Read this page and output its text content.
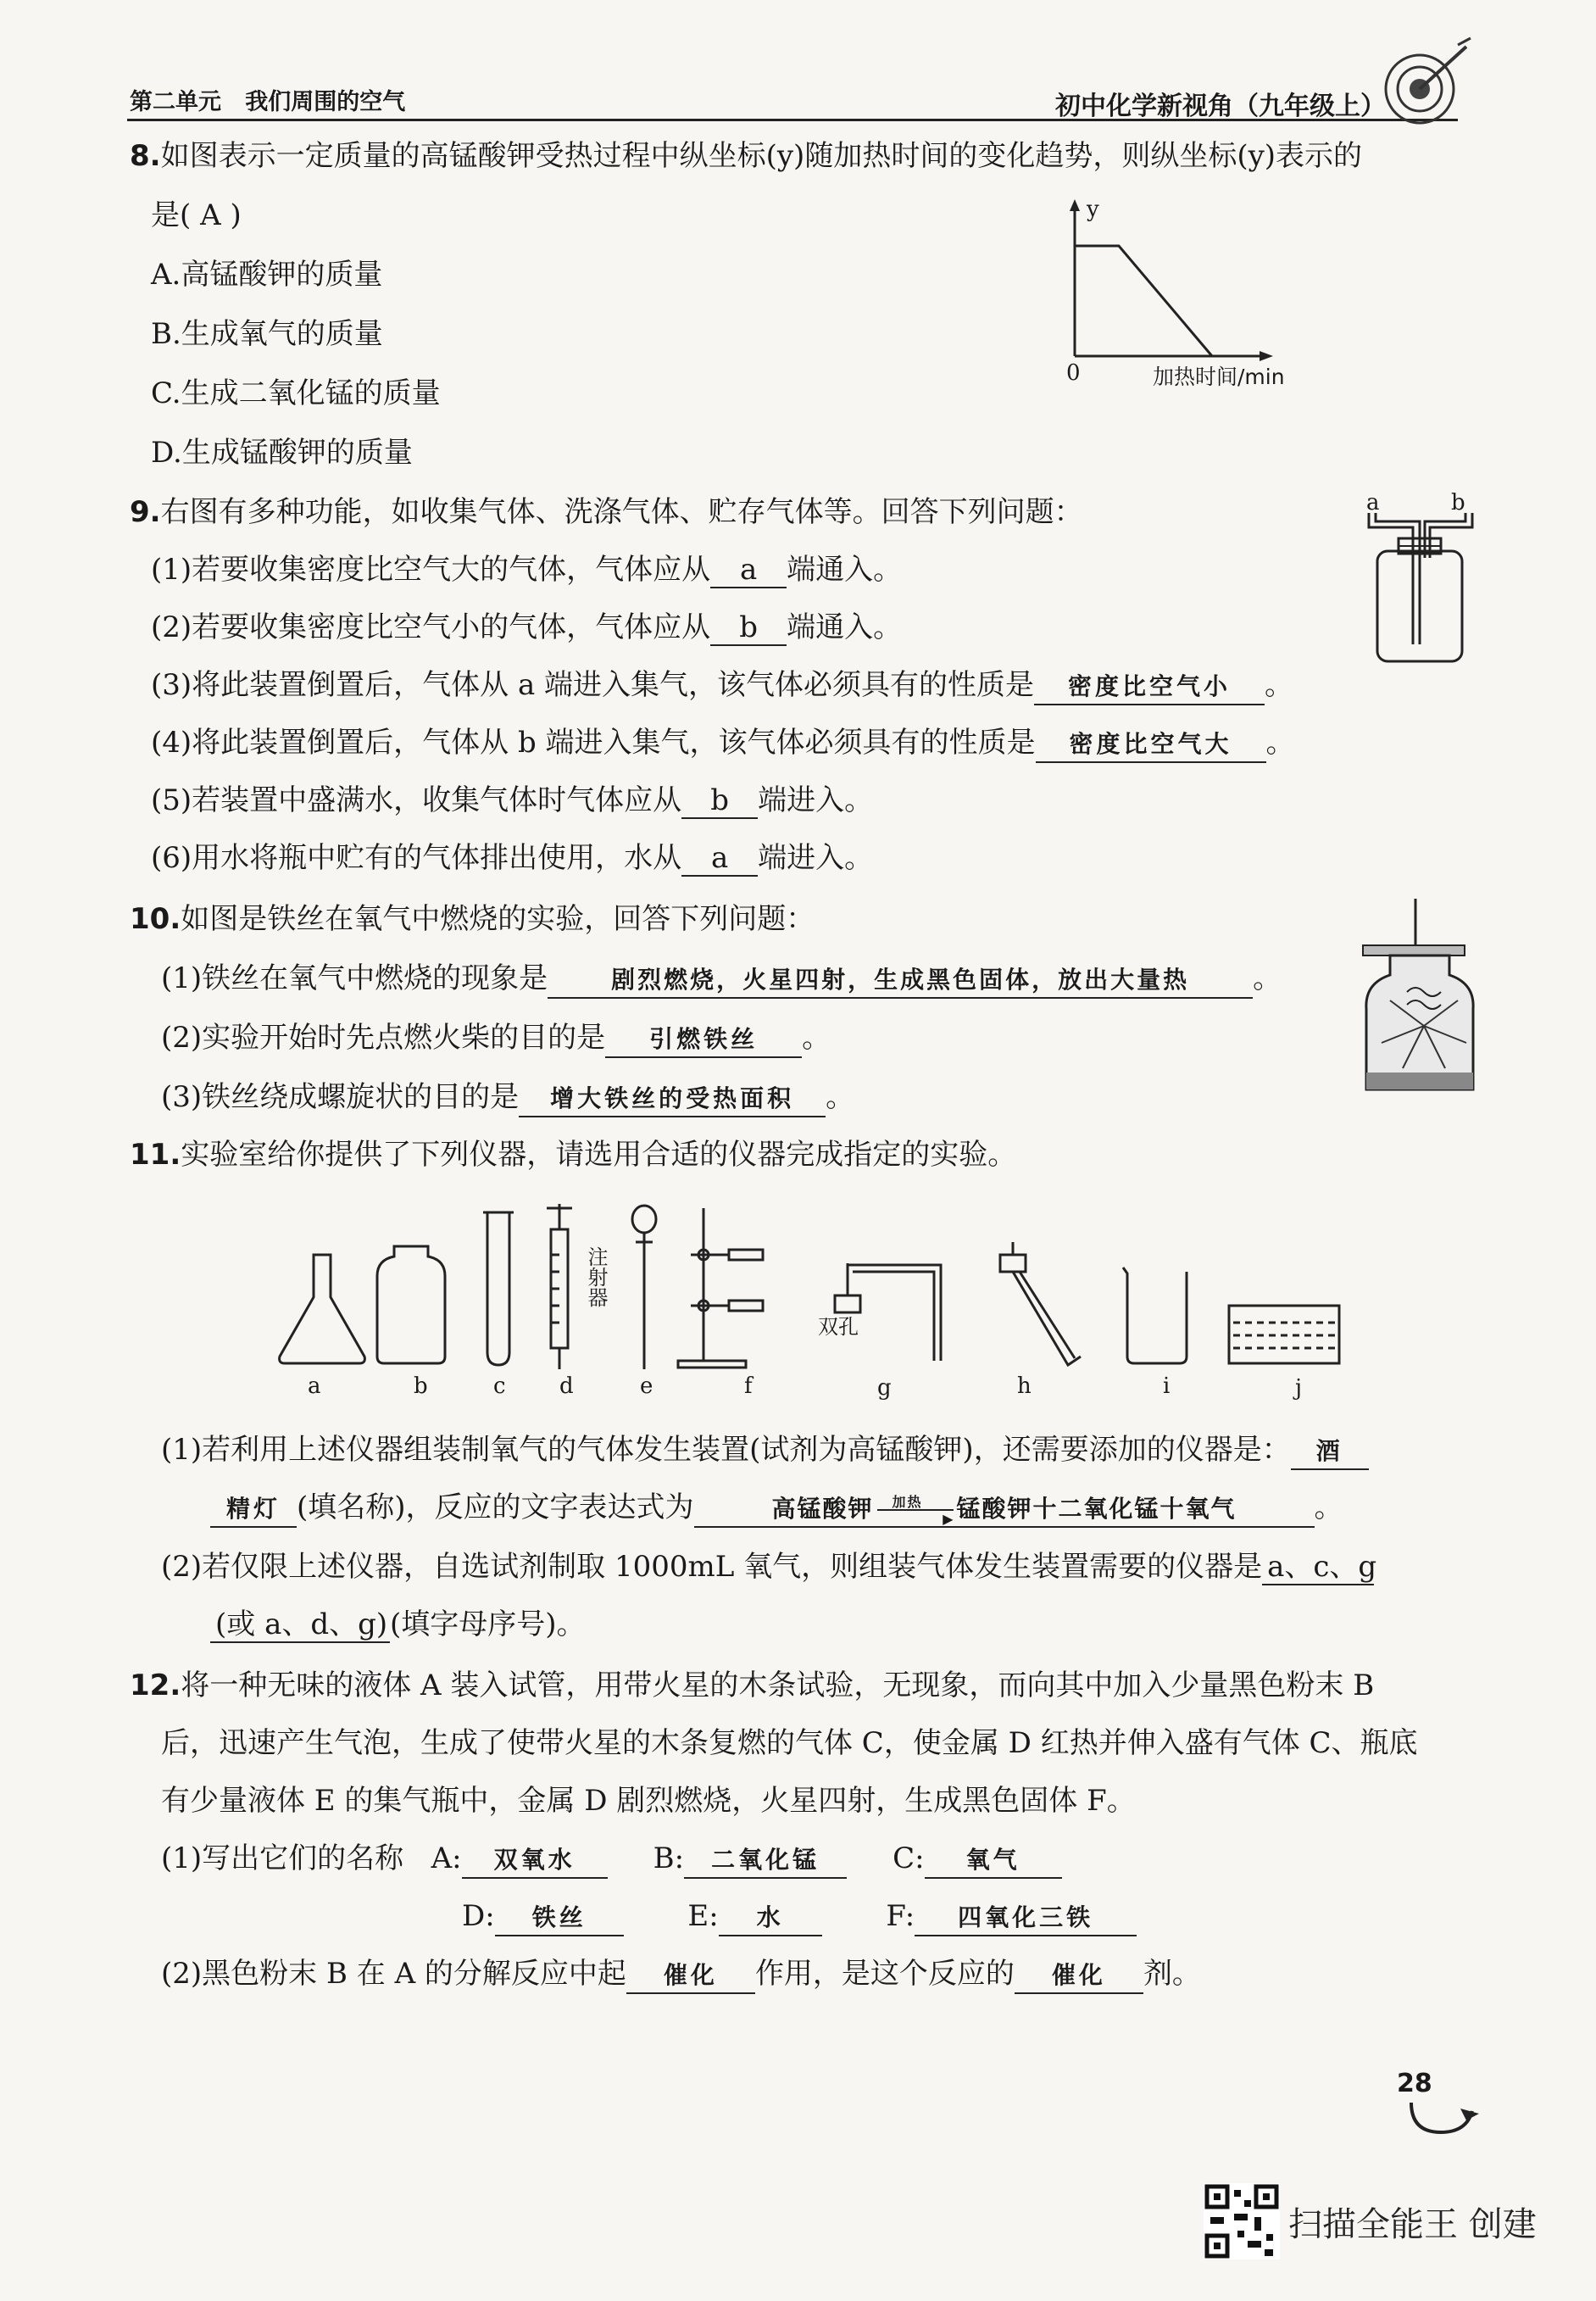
第二单元 我们周围的空气	初中化学新视角（九年级上）
8.如图表示一定质量的高锰酸钾受热过程中纵坐标(y)随加热时间的变化趋势，则纵坐标(y)表示的
是( A )
A.高锰酸钾的质量
B.生成氧气的质量
C.生成二氧化锰的质量
D.生成锰酸钾的质量
y
0	加热时间/min
9.右图有多种功能，如收集气体、洗涤气体、贮存气体等。回答下列问题：
(1)若要收集密度比空气大的气体，气体应从 a 端通入。
(2)若要收集密度比空气小的气体，气体应从 b 端通入。
(3)将此装置倒置后，气体从 a 端进入集气，该气体必须具有的性质是 密度比空气小 。
(4)将此装置倒置后，气体从 b 端进入集气，该气体必须具有的性质是 密度比空气大 。
(5)若装置中盛满水，收集气体时气体应从 b 端进入。
(6)用水将瓶中贮有的气体排出使用，水从 a 端进入。
a	b
10.如图是铁丝在氧气中燃烧的实验，回答下列问题：
(1)铁丝在氧气中燃烧的现象是	剧烈燃烧，火星四射，生成黑色固体，放出大量热 。
(2)实验开始时先点燃火柴的目的是 引燃铁丝 。
(3)铁丝绕成螺旋状的目的是 增大铁丝的受热面积 。
11.实验室给你提供了下列仪器，请选用合适的仪器完成指定的实验。
注射器
双孔
a	b	c d	e	f	g	h	i	j
(1)若利用上述仪器组装制氧气的气体发生装置(试剂为高锰酸钾)，还需要添加的仪器是： 酒
精灯 (填名称)，反应的文字表达式为	高锰酸钾 加热
▶ 锰酸钾十二氧化锰十氧气	。
(2)若仅限上述仪器，自选试剂制取 1000mL 氧气，则组装气体发生装置需要的仪器是 a、c、g
(或 a、d、g)(填字母序号)。
12.将一种无味的液体 A 装入试管，用带火星的木条试验，无现象，而向其中加入少量黑色粉末 B
后，迅速产生气泡，生成了使带火星的木条复燃的气体 C，使金属 D 红热并伸入盛有气体 C、瓶底
有少量液体 E 的集气瓶中，金属 D 剧烈燃烧，火星四射，生成黑色固体 F。
(1)写出它们的名称 A: 双氧水	B: 二氧化锰	C: 氧气
D: 铁丝	E: 水	F: 四氧化三铁
(2)黑色粉末 B 在 A 的分解反应中起 催化 作用，是这个反应的 催化 剂。
28
扫描全能王 创建
